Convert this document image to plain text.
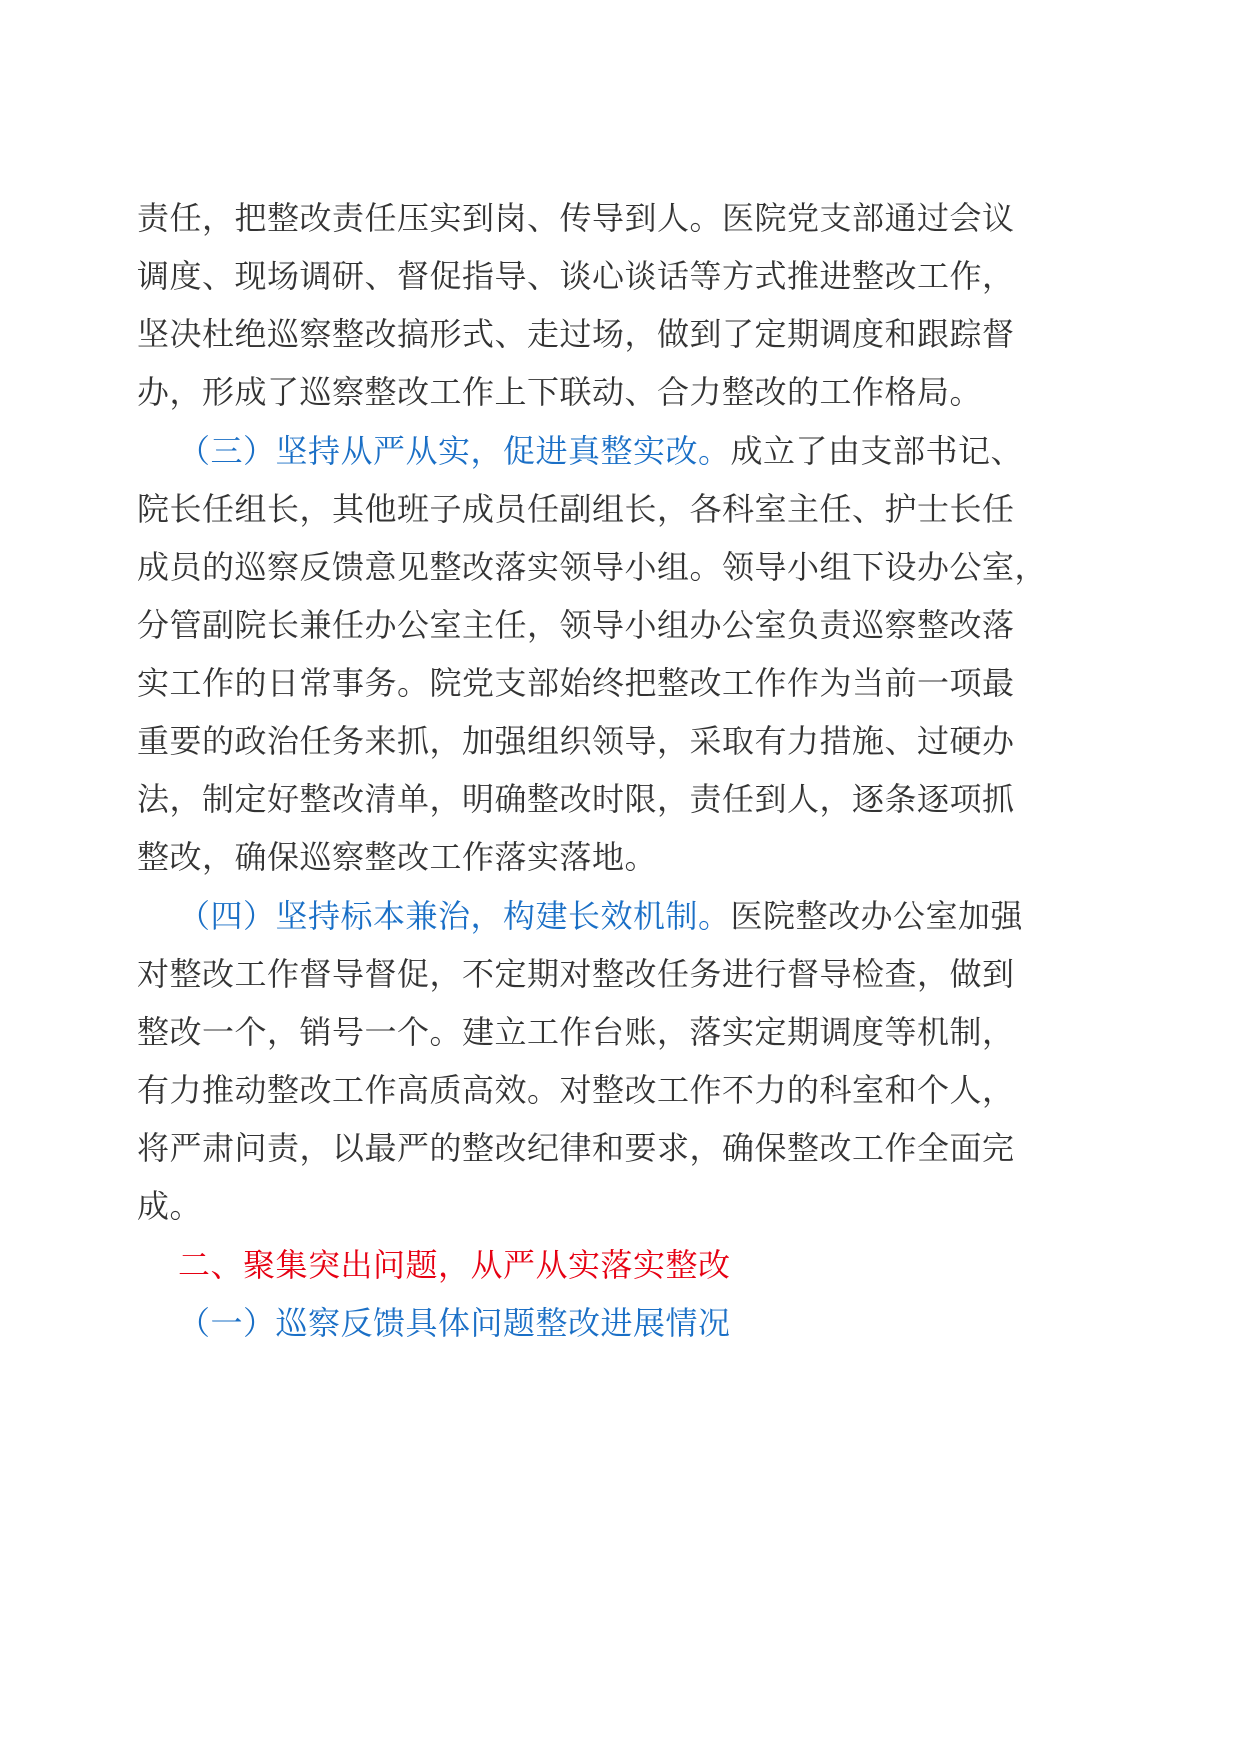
责任，把整改责任压实到岗、传导到人。医院党支部通过会议
调度、现场调研、督促指导、谈心谈话等方式推进整改工作，
坚决杜绝巡察整改搞形式、走过场，做到了定期调度和跟踪督
办，形成了巡察整改工作上下联动、合力整改的工作格局。
（三）坚持从严从实，促进真整实改。成立了由支部书记、
院长任组长，其他班子成员任副组长，各科室主任、护士长任
成员的巡察反馈意见整改落实领导小组。领导小组下设办公室，
分管副院长兼任办公室主任，领导小组办公室负责巡察整改落
实工作的日常事务。院党支部始终把整改工作作为当前一项最
重要的政治任务来抓，加强组织领导，采取有力措施、过硬办
法，制定好整改清单，明确整改时限，责任到人，逐条逐项抓
整改，确保巡察整改工作落实落地。
（四）坚持标本兼治，构建长效机制。医院整改办公室加强
对整改工作督导督促，不定期对整改任务进行督导检查，做到
整改一个，销号一个。建立工作台账，落实定期调度等机制，
有力推动整改工作高质高效。对整改工作不力的科室和个人，
将严肃问责，以最严的整改纪律和要求，确保整改工作全面完
成。
二、聚集突出问题，从严从实落实整改
（一）巡察反馈具体问题整改进展情况
